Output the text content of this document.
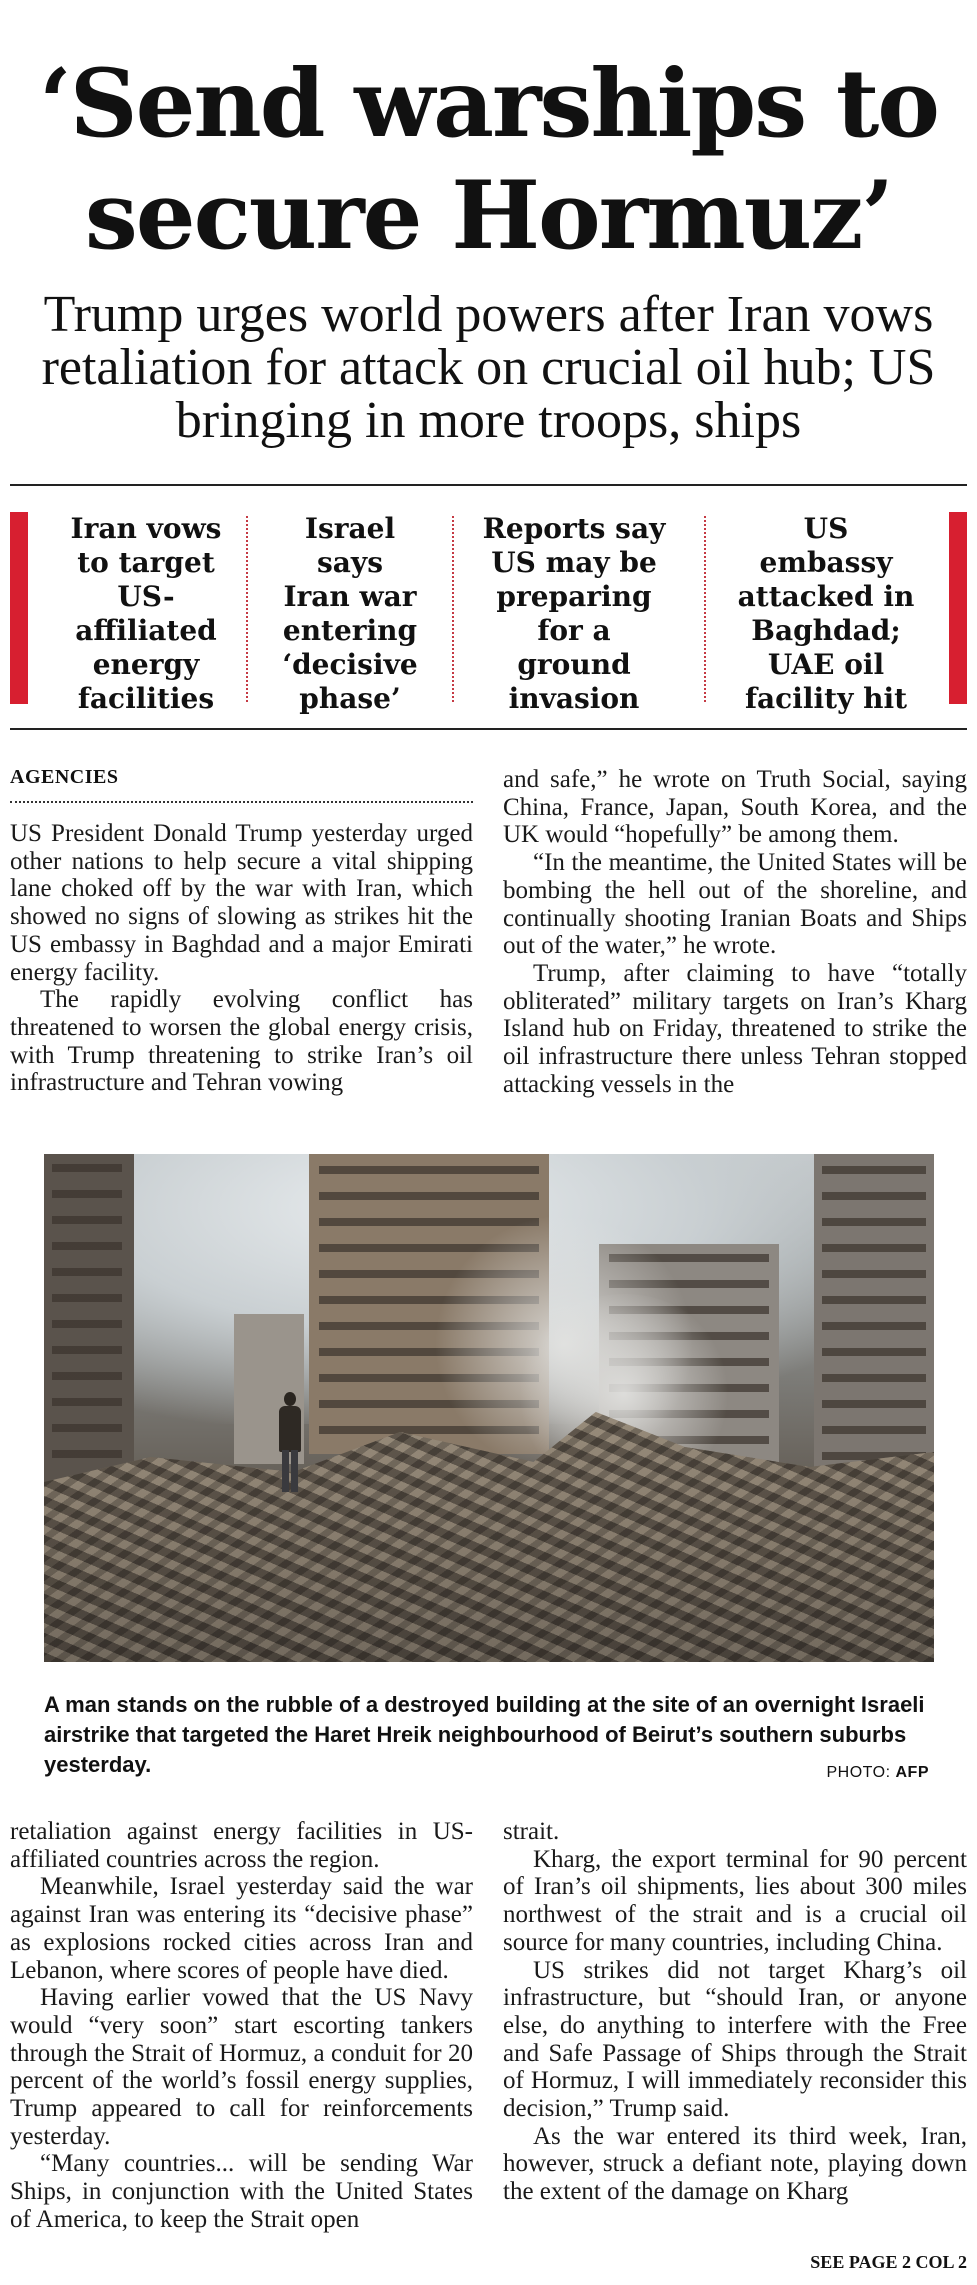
‘Send warships to
secure Hormuz’
Trump urges world powers after Iran vows
retaliation for attack on crucial oil hub; US
bringing in more troops, ships
Iran vows
to target
US-
affiliated
energy
facilities
Israel
says
Iran war
entering
‘decisive
phase’
Reports say
US may be
preparing
for a
ground
invasion
US
embassy
attacked in
Baghdad;
UAE oil
facility hit
AGENCIES

US President Donald Trump yesterday urged other nations to help secure a vital shipping lane choked off by the war with Iran, which showed no signs of slowing as strikes hit the US embassy in Baghdad and a major Emirati energy facility.

The rapidly evolving conflict has threatened to worsen the global energy crisis, with Trump threatening to strike Iran’s oil infrastructure and Tehran vowing

and safe,” he wrote on Truth Social, saying China, France, Japan, South Korea, and the UK would “hopefully” be among them.

“In the meantime, the United States will be bombing the hell out of the shoreline, and continually shooting Iranian Boats and Ships out of the water,” he wrote.

Trump, after claiming to have “totally obliterated” military targets on Iran’s Kharg Island hub on Friday, threatened to strike the oil infrastructure there unless Tehran stopped attacking vessels in the

A man stands on the rubble of a destroyed building at the site of an overnight Israeli airstrike that targeted the Haret Hreik neighbourhood of Beirut’s southern suburbs yesterday.	PHOTO: AFP

retaliation against energy facilities in US-affiliated countries across the region.

Meanwhile, Israel yesterday said the war against Iran was entering its “decisive phase” as explosions rocked cities across Iran and Lebanon, where scores of people have died.

Having earlier vowed that the US Navy would “very soon” start escorting tankers through the Strait of Hormuz, a conduit for 20 percent of the world’s fossil energy supplies, Trump appeared to call for reinforcements yesterday.

“Many countries... will be sending War Ships, in conjunction with the United States of America, to keep the Strait open

strait.

Kharg, the export terminal for 90 percent of Iran’s oil shipments, lies about 300 miles northwest of the strait and is a crucial oil source for many countries, including China.

US strikes did not target Kharg’s oil infrastructure, but “should Iran, or anyone else, do anything to interfere with the Free and Safe Passage of Ships through the Strait of Hormuz, I will immediately reconsider this decision,” Trump said.

As the war entered its third week, Iran, however, struck a defiant note, playing down the extent of the damage on Kharg

SEE PAGE 2 COL 2
